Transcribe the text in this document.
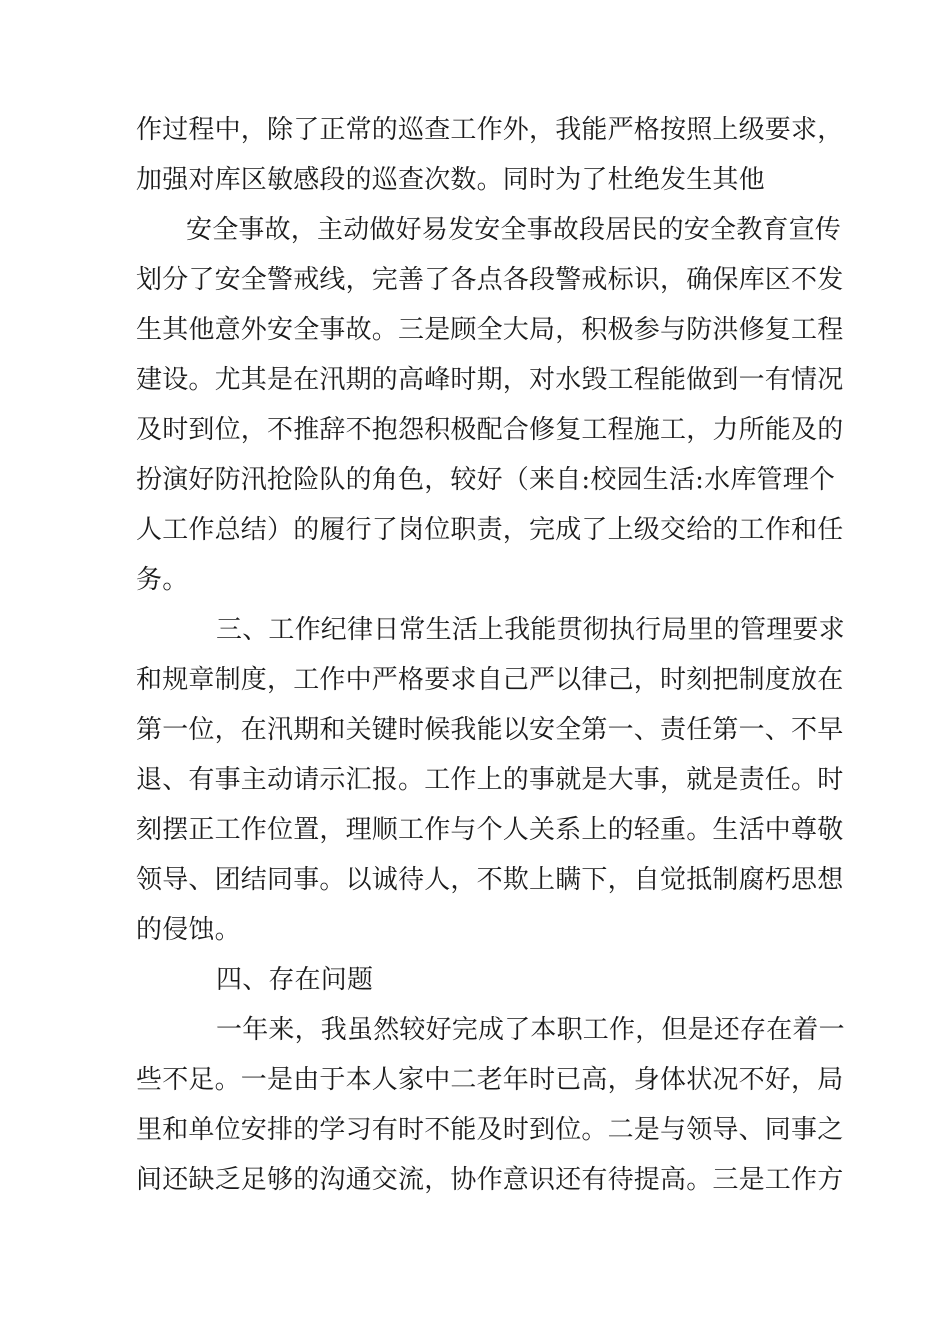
作过程中，除了正常的巡查工作外，我能严格按照上级要求，
加强对库区敏感段的巡查次数。同时为了杜绝发生其他
安全事故，主动做好易发安全事故段居民的安全教育宣传
划分了安全警戒线，完善了各点各段警戒标识，确保库区不发
生其他意外安全事故。三是顾全大局，积极参与防洪修复工程
建设。尤其是在汛期的高峰时期，对水毁工程能做到一有情况
及时到位，不推辞不抱怨积极配合修复工程施工，力所能及的
扮演好防汛抢险队的角色，较好（来自:校园生活:水库管理个
人工作总结）的履行了岗位职责，完成了上级交给的工作和任
务。
三、工作纪律日常生活上我能贯彻执行局里的管理要求
和规章制度，工作中严格要求自己严以律己，时刻把制度放在
第一位，在汛期和关键时候我能以安全第一、责任第一、不早
退、有事主动请示汇报。工作上的事就是大事，就是责任。时
刻摆正工作位置，理顺工作与个人关系上的轻重。生活中尊敬
领导、团结同事。以诚待人，不欺上瞒下，自觉抵制腐朽思想
的侵蚀。
四、存在问题
一年来，我虽然较好完成了本职工作，但是还存在着一
些不足。一是由于本人家中二老年时已高，身体状况不好，局
里和单位安排的学习有时不能及时到位。二是与领导、同事之
间还缺乏足够的沟通交流，协作意识还有待提高。三是工作方
